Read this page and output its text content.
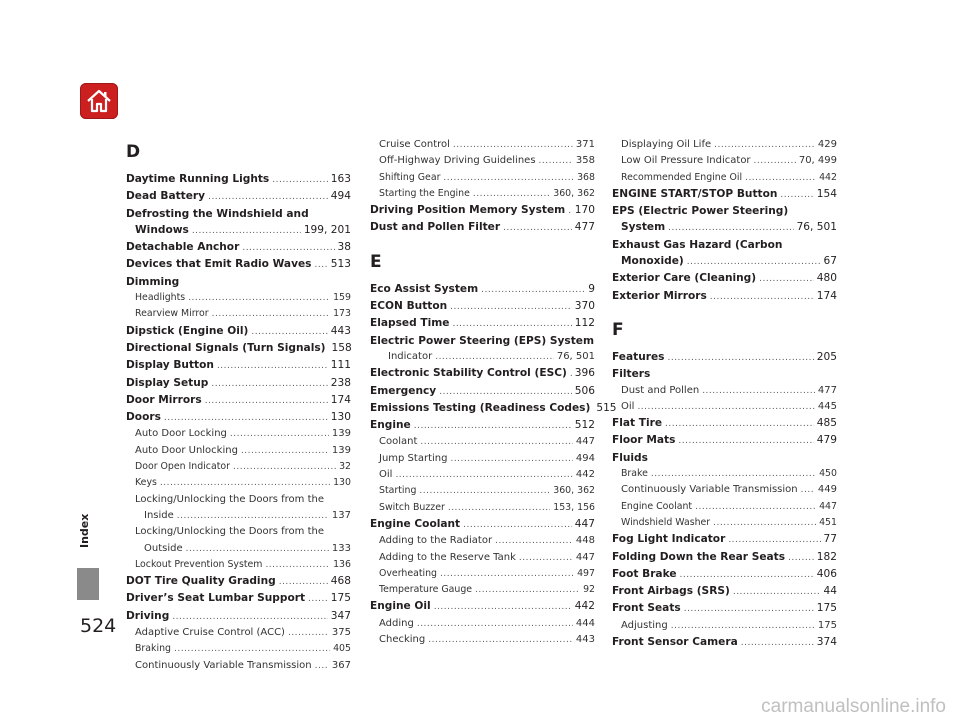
Index
524
D
Daytime Running Lights .....	163
Dead Battery .....	494
Defrosting the Windshield and
Windows .....	199, 201
Detachable Anchor .....	38
Devices that Emit Radio Waves ..... 513
Dimming
Headlights .....	159
Rearview Mirror .....	173
Dipstick (Engine Oil) .....	443
Directional Signals (Turn Signals) 158
Display Button .....	111
Display Setup .....	238
Door Mirrors .....	174
Doors .....	130
Auto Door Locking .....	139
Auto Door Unlocking .....	139
Door Open Indicator .....	32
Keys .....	130
Locking/Unlocking the Doors from the
Inside .....	137
Locking/Unlocking the Doors from the
Outside .....	133
Lockout Prevention System .....	136
DOT Tire Quality Grading .....	468
Driver’s Seat Lumbar Support ..... 175
Driving .....	347
Adaptive Cruise Control (ACC) .....	375
Braking .....	405
Continuously Variable Transmission ..... 367
Cruise Control .....	371
Off-Highway Driving Guidelines .....	358
Shifting Gear .....	368
Starting the Engine .....	360, 362
Driving Position Memory System ..... 170
Dust and Pollen Filter .....	477
E
Eco Assist System .....	9
ECON Button .....	370
Elapsed Time .....	112
Electric Power Steering (EPS) System
Indicator .....	76, 501
Electronic Stability Control (ESC) ..... 396
Emergency .....	506
Emissions Testing (Readiness Codes) 515
Engine .....	512
Coolant .....	447
Jump Starting .....	494
Oil .....	442
Starting .....	360, 362
Switch Buzzer .....	153, 156
Engine Coolant .....	447
Adding to the Radiator .....	448
Adding to the Reserve Tank .....	447
Overheating .....	497
Temperature Gauge .....	92
Engine Oil .....	442
Adding .....	444
Checking .....	443
Displaying Oil Life .....	429
Low Oil Pressure Indicator .....	70, 499
Recommended Engine Oil .....	442
ENGINE START/STOP Button .....	154
EPS (Electric Power Steering)
System .....	76, 501
Exhaust Gas Hazard (Carbon
Monoxide) .....	67
Exterior Care (Cleaning) .....	480
Exterior Mirrors .....	174
F
Features .....	205
Filters
Dust and Pollen .....	477
Oil .....	445
Flat Tire .....	485
Floor Mats .....	479
Fluids
Brake .....	450
Continuously Variable Transmission ..... 449
Engine Coolant .....	447
Windshield Washer .....	451
Fog Light Indicator .....	77
Folding Down the Rear Seats .....	182
Foot Brake .....	406
Front Airbags (SRS) .....	44
Front Seats .....	175
Adjusting .....	175
Front Sensor Camera .....	374
carmanualsonline.info
